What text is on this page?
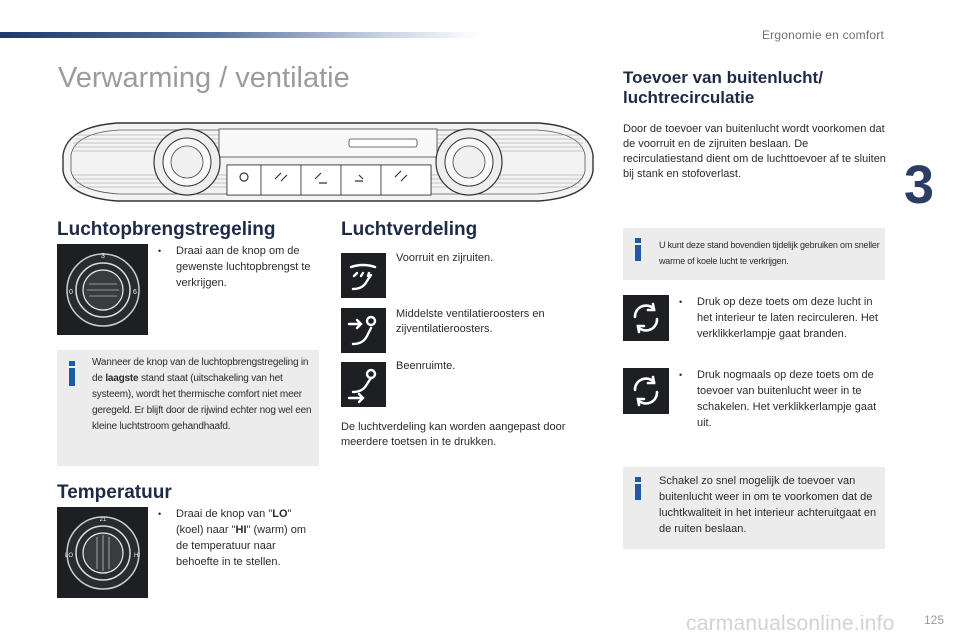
Ergonomie en comfort
3
Verwarming / ventilatie
Luchtopbrengstregeling
3
0	6
• Draai aan de knop om de gewenste luchtopbrengst te verkrijgen.
Wanneer de knop van de luchtopbrengstregeling in de laagste stand staat (uitschakeling van het systeem), wordt het thermische comfort niet meer geregeld. Er blijft door de rijwind echter nog wel een kleine luchtstroom gehandhaafd.
Temperatuur
21
LO	HI
• Draai de knop van "LO" (koel) naar "HI" (warm) om de temperatuur naar behoefte in te stellen.
Luchtverdeling
Voorruit en zijruiten.
Middelste ventilatieroosters en zijventilatieroosters.
Beenruimte.
De luchtverdeling kan worden aangepast door meerdere toetsen in te drukken.
Toevoer van buitenlucht/ luchtrecirculatie
Door de toevoer van buitenlucht wordt voorkomen dat de voorruit en de zijruiten beslaan. De recirculatiestand dient om de luchttoevoer af te sluiten bij stank en stofoverlast.
U kunt deze stand bovendien tijdelijk gebruiken om sneller warme of koele lucht te verkrijgen.
• Druk op deze toets om deze lucht in het interieur te laten recirculeren. Het verklikkerlampje gaat branden.
• Druk nogmaals op deze toets om de toevoer van buitenlucht weer in te schakelen. Het verklikkerlampje gaat uit.
Schakel zo snel mogelijk de toevoer van buitenlucht weer in om te voorkomen dat de luchtkwaliteit in het interieur achteruitgaat en de ruiten beslaan.
125
carmanualsonline.info
